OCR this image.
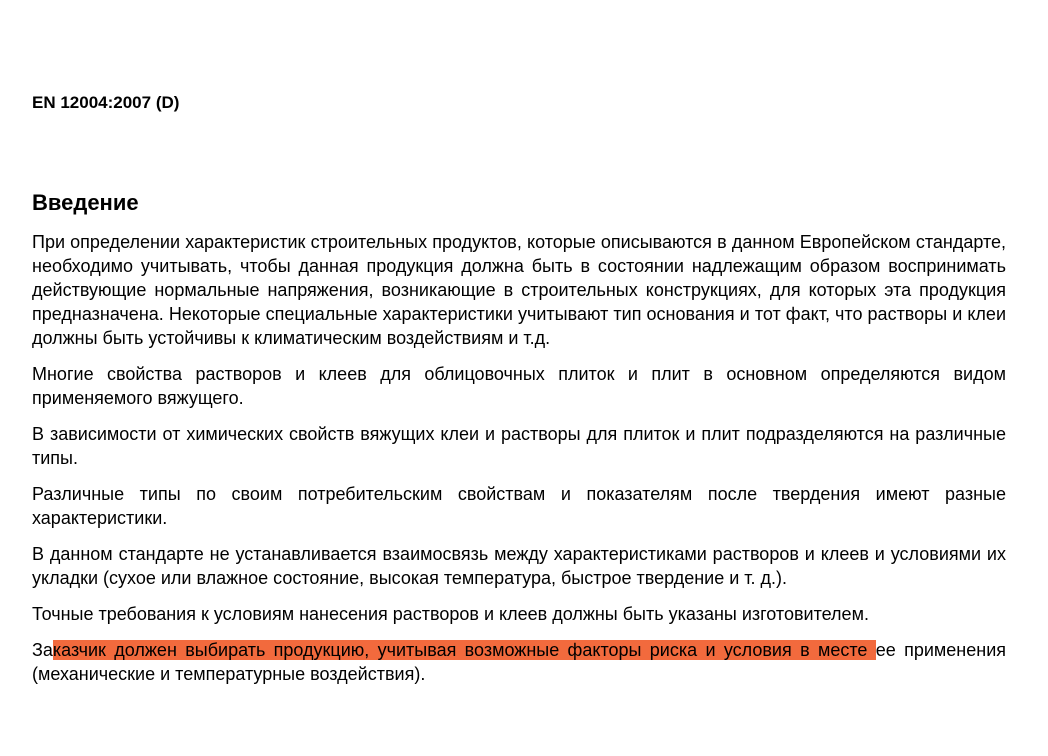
EN 12004:2007 (D)
Введение

При определении характеристик строительных продуктов, которые описываются в данном Европейском стандарте, необходимо учитывать, чтобы данная продукция должна быть в состоянии надлежащим образом воспринимать действующие нормальные напряжения, возникающие в строительных конструкциях, для которых эта продукция предназначена. Некоторые специальные характеристики учитывают тип основания и тот факт, что растворы и клеи должны быть устойчивы к климатическим воздействиям и т.д.

Многие свойства растворов и клеев для облицовочных плиток и плит в основном определяются видом применяемого вяжущего.

В зависимости от химических свойств вяжущих клеи и растворы для плиток и плит подразделяются на различные типы.

Различные типы по своим потребительским свойствам и показателям после твердения имеют разные характеристики.

В данном стандарте не устанавливается взаимосвязь между характеристиками растворов и клеев и условиями их укладки (сухое или влажное состояние, высокая температура, быстрое твердение и т. д.).

Точные требования к условиям нанесения растворов и клеев должны быть указаны изготовителем.

Заказчик должен выбирать продукцию, учитывая возможные факторы риска и условия в месте ее применения (механические и температурные воздействия).
